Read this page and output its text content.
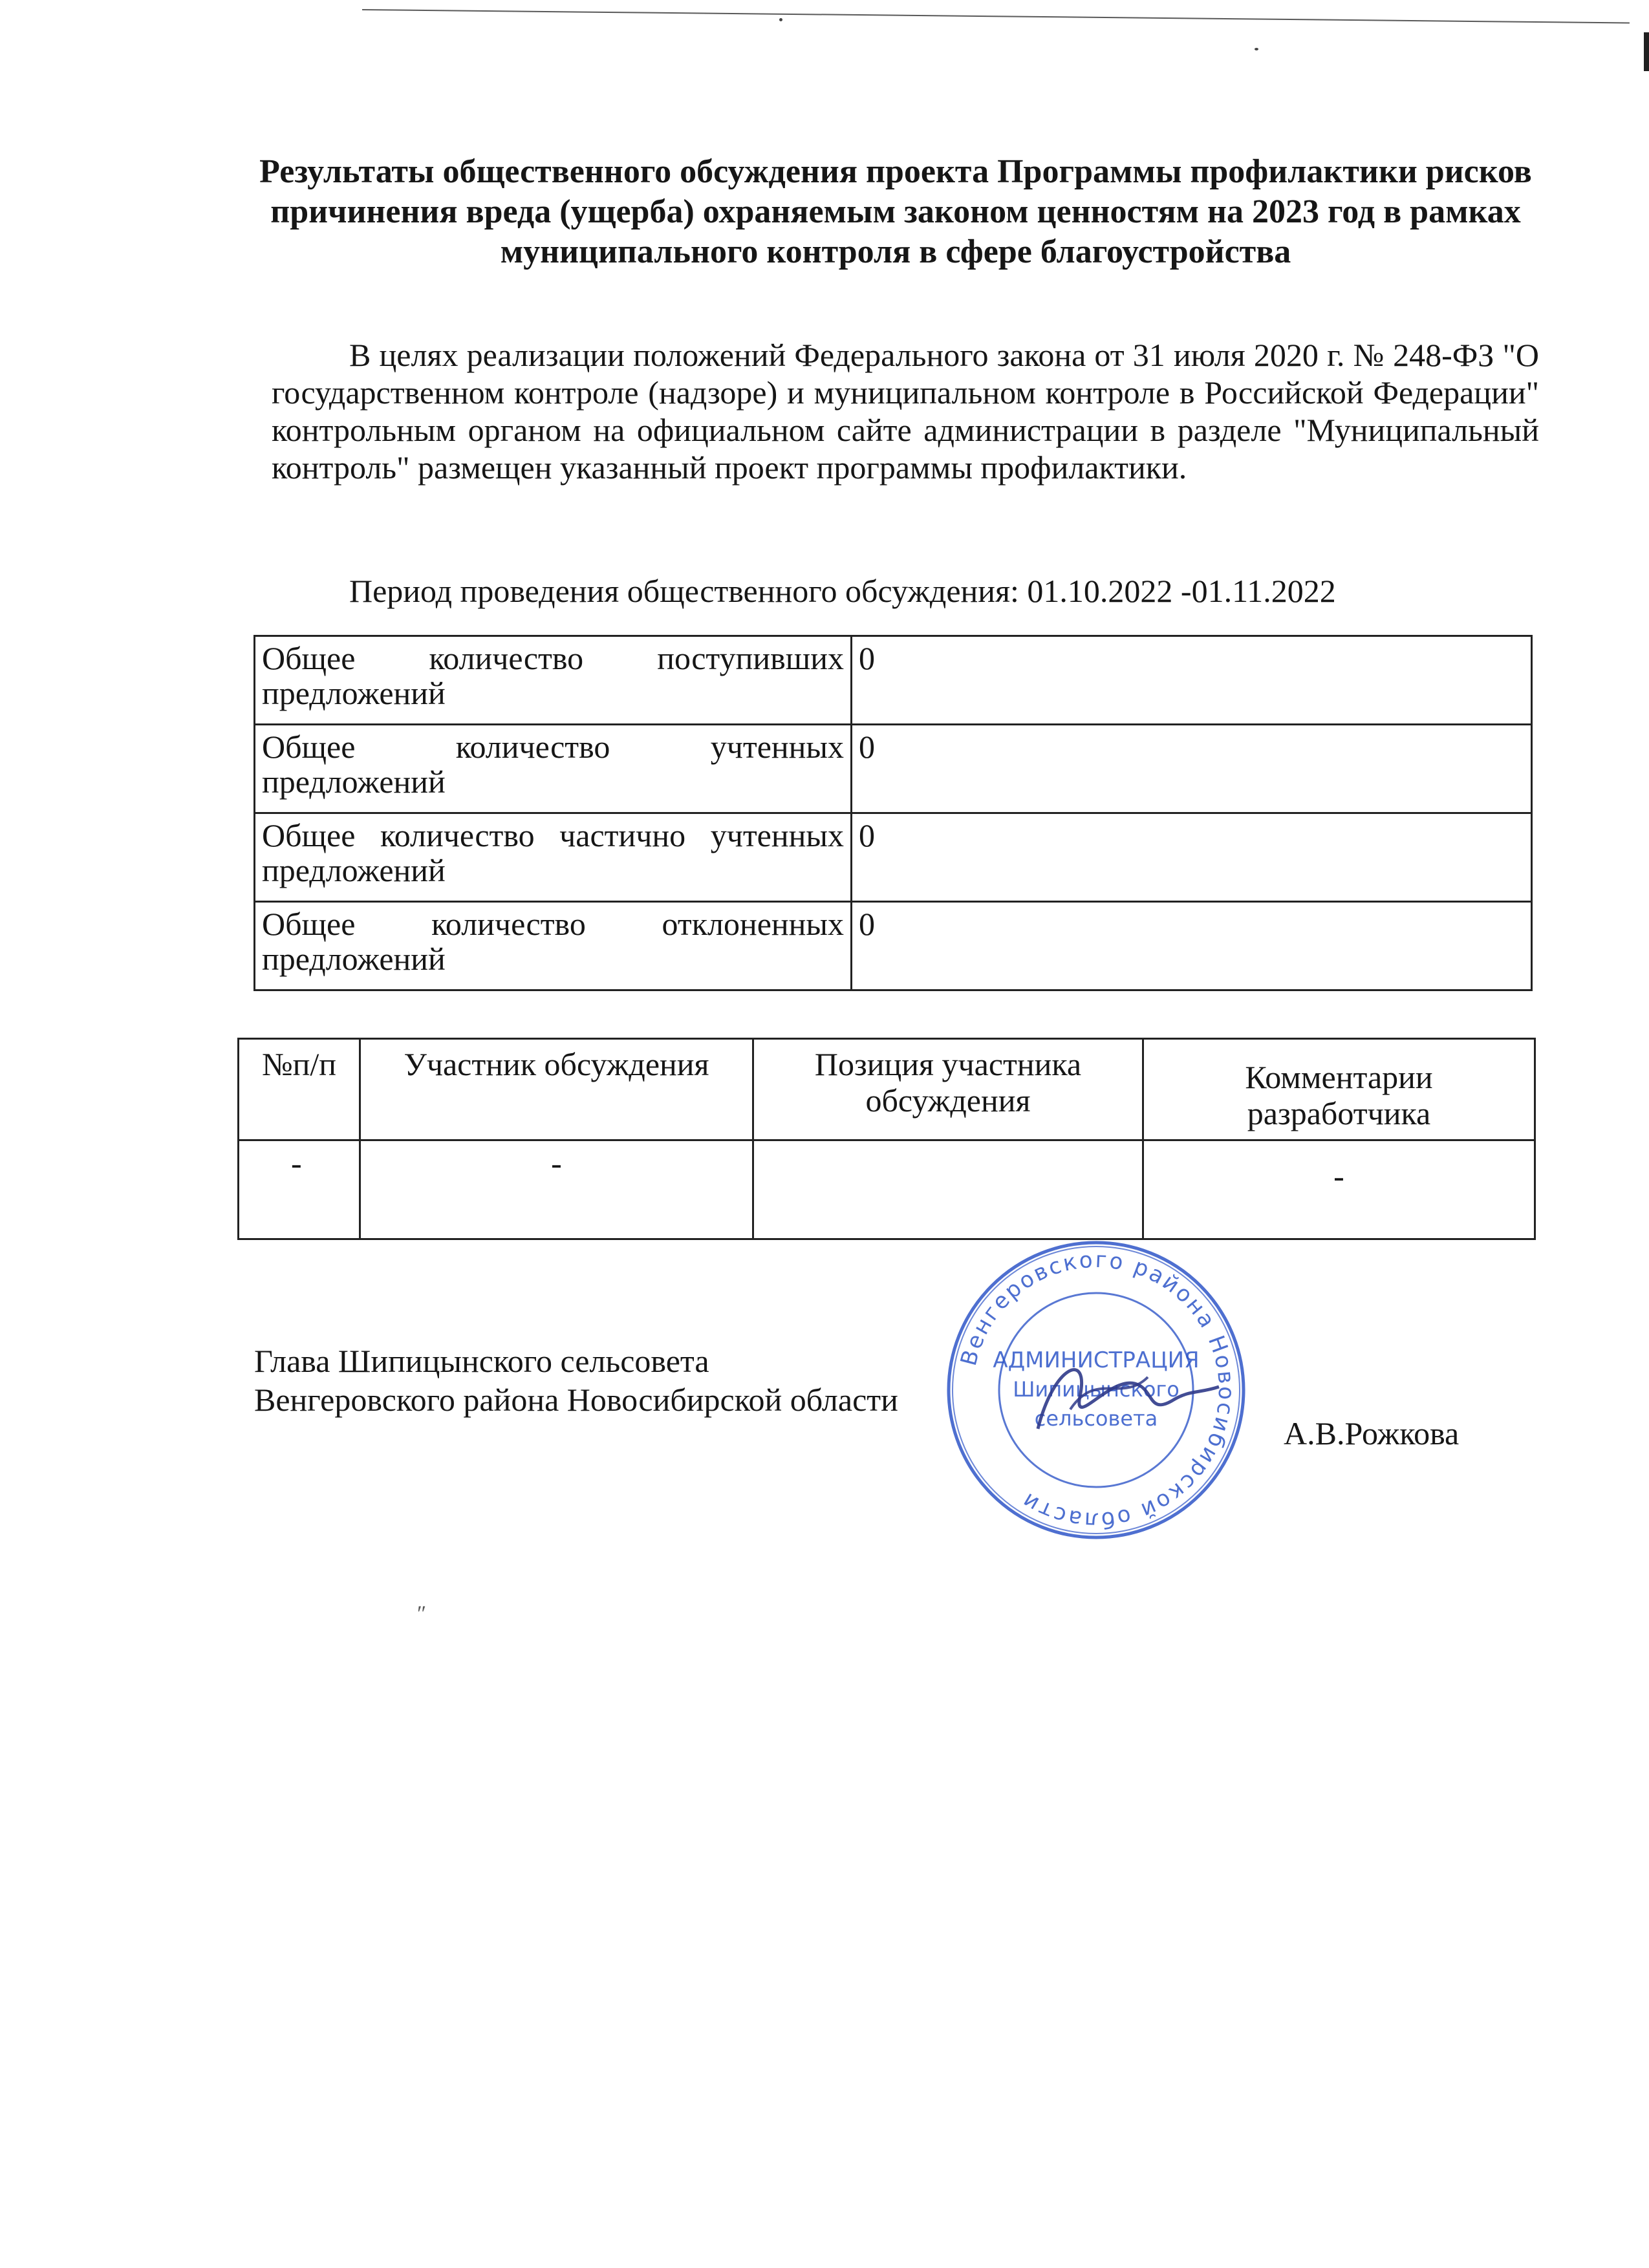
Результаты общественного обсуждения проекта Программы профилактики рисков причинения вреда (ущерба) охраняемым законом ценностям на 2023 год в рамках муниципального контроля в сфере благоустройства
В целях реализации положений Федерального закона от 31 июля 2020 г. № 248-ФЗ "О государственном контроле (надзоре) и муниципальном контроле в Российской Федерации" контрольным органом на официальном сайте администрации в разделе "Муниципальный контроль" размещен указанный проект программы профилактики.
Период проведения общественного обсуждения: 01.10.2022 -01.11.2022
Общее количество поступивших предложений	0
Общее количество учтенных предложений	0
Общее количество частично учтенных предложений	0
Общее количество отклоненных предложений	0
№п/п	Участник обсуждения	Позиция участника обсуждения	Комментарии разработчика
-	-		-
Глава Шипицынского сельсовета
Венгеровского района Новосибирской области
А.В.Рожкова
Венгеровского района Новосибирской области
АДМИНИСТРАЦИЯ
Шипицынского
сельсовета
ʺ
